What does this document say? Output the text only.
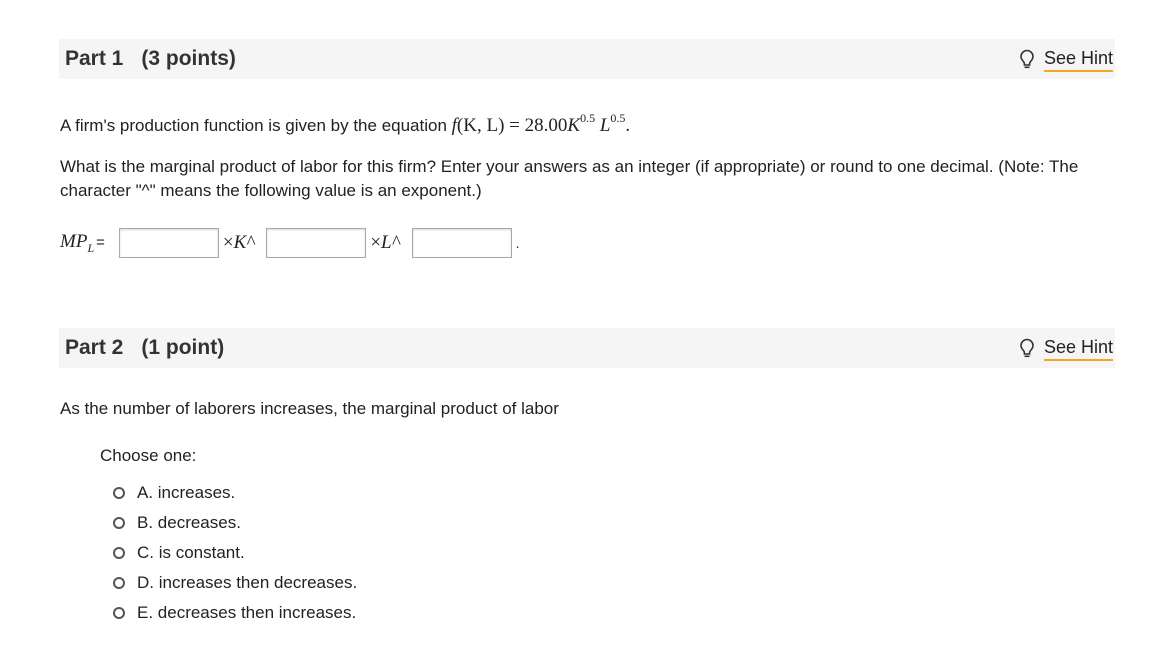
Part 1 (3 points)	See Hint
A firm's production function is given by the equation f(K, $L) = 28.00K^{0.5}$ $L^{0.5}$.
What is the marginal product of labor for this firm? Enter your answers as an integer (if appropriate) or round to one decimal. (Note: The character "^" means the following value is an exponent.)
$MP_L$ =	×K^	×L^	.
Part 2 (1 point)	See Hint
As the number of laborers increases, the marginal product of labor
Choose one:
A. increases.
B. decreases.
C. is constant.
D. increases then decreases.
E. decreases then increases.
